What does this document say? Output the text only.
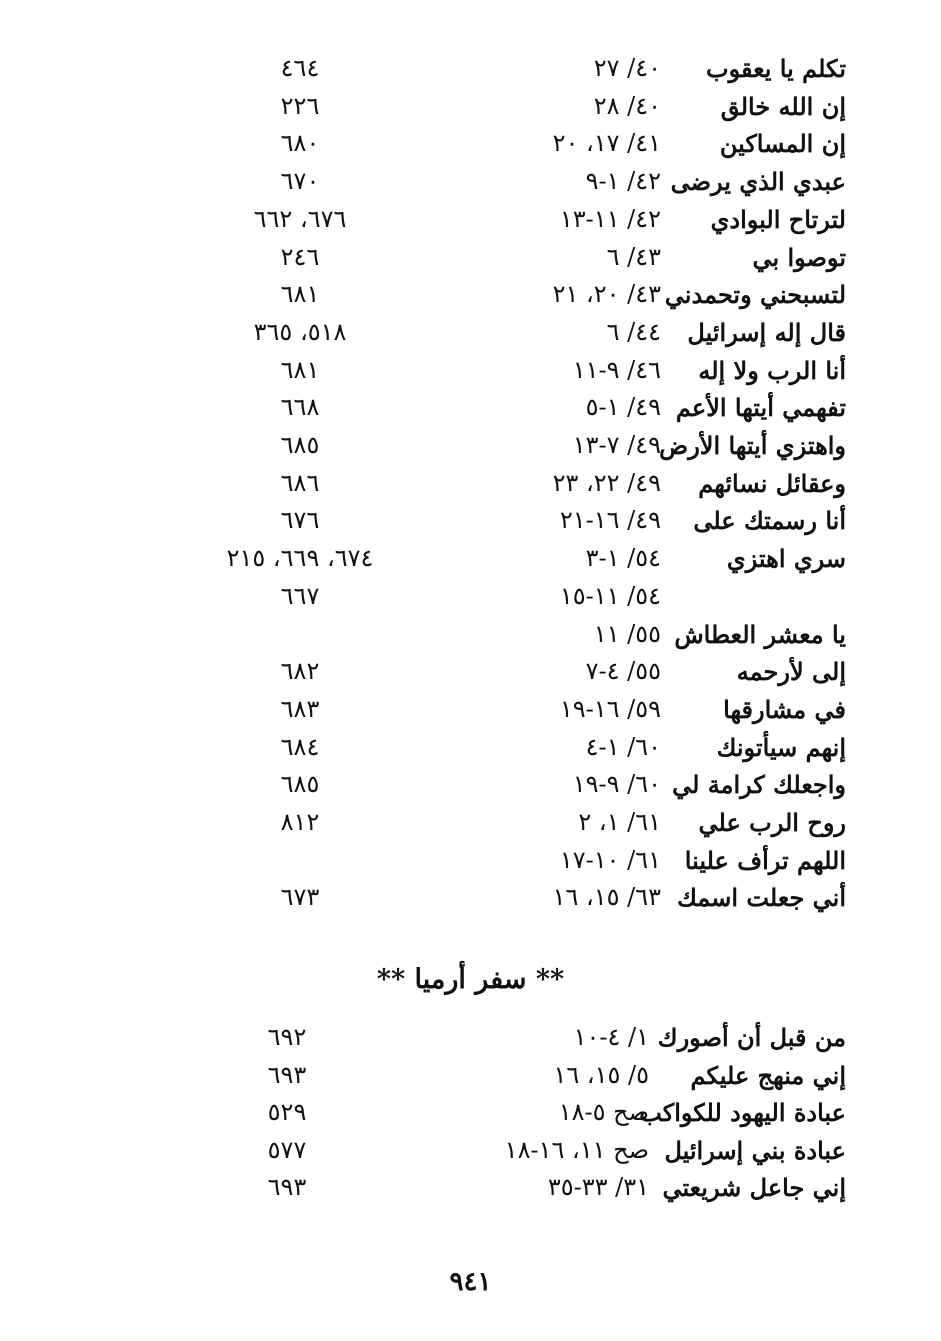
تكلم يا يعقوب
٤٠/ ٢٧
٤٦٤
إن الله خالق
٤٠/ ٢٨
٢٢٦
إن المساكين
٤١/ ١٧، ٢٠
٦٨٠
عبدي الذي يرضى
٤٢/ ١-٩
٦٧٠
لترتاح البوادي
٤٢/ ١١-١٣
٦٧٦، ٦٦٢
توصوا بي
٤٣/ ٦
٢٤٦
لتسبحني وتحمدني
٤٣/ ٢٠، ٢١
٦٨١
قال إله إسرائيل
٤٤/ ٦
٥١٨، ٣٦٥
أنا الرب ولا إله
٤٦/ ٩-١١
٦٨١
تفهمي أيتها الأعم
٤٩/ ١-٥
٦٦٨
واهتزي أيتها الأرض
٤٩/ ٧-١٣
٦٨٥
وعقائل نسائهم
٤٩/ ٢٢، ٢٣
٦٨٦
أنا رسمتك على
٤٩/ ١٦-٢١
٦٧٦
سري اهتزي
٥٤/ ١-٣
٦٧٤، ٦٦٩، ٢١٥
٥٤/ ١١-١٥
٦٦٧
يا معشر العطاش
٥٥/ ١١
إلى لأرحمه
٥٥/ ٤-٧
٦٨٢
في مشارقها
٥٩/ ١٦-١٩
٦٨٣
إنهم سيأتونك
٦٠/ ١-٤
٦٨٤
واجعلك كرامة لي
٦٠/ ٩-١٩
٦٨٥
روح الرب علي
٦١/ ١، ٢
٨١٢
اللهم ترأف علينا
٦١/ ١٠-١٧
أني جعلت اسمك
٦٣/ ١٥، ١٦
٦٧٣
** سفر أرميا **
من قبل أن أصورك
١/ ٤-١٠
٦٩٢
إني منهج عليكم
٥/ ١٥، ١٦
٦٩٣
عبادة اليهود للكواكب
صح ٥-١٨
٥٢٩
عبادة بني إسرائيل
صح ١١، ١٦-١٨
٥٧٧
إني جاعل شريعتي
٣١/ ٣٣-٣٥
٦٩٣
٩٤١
